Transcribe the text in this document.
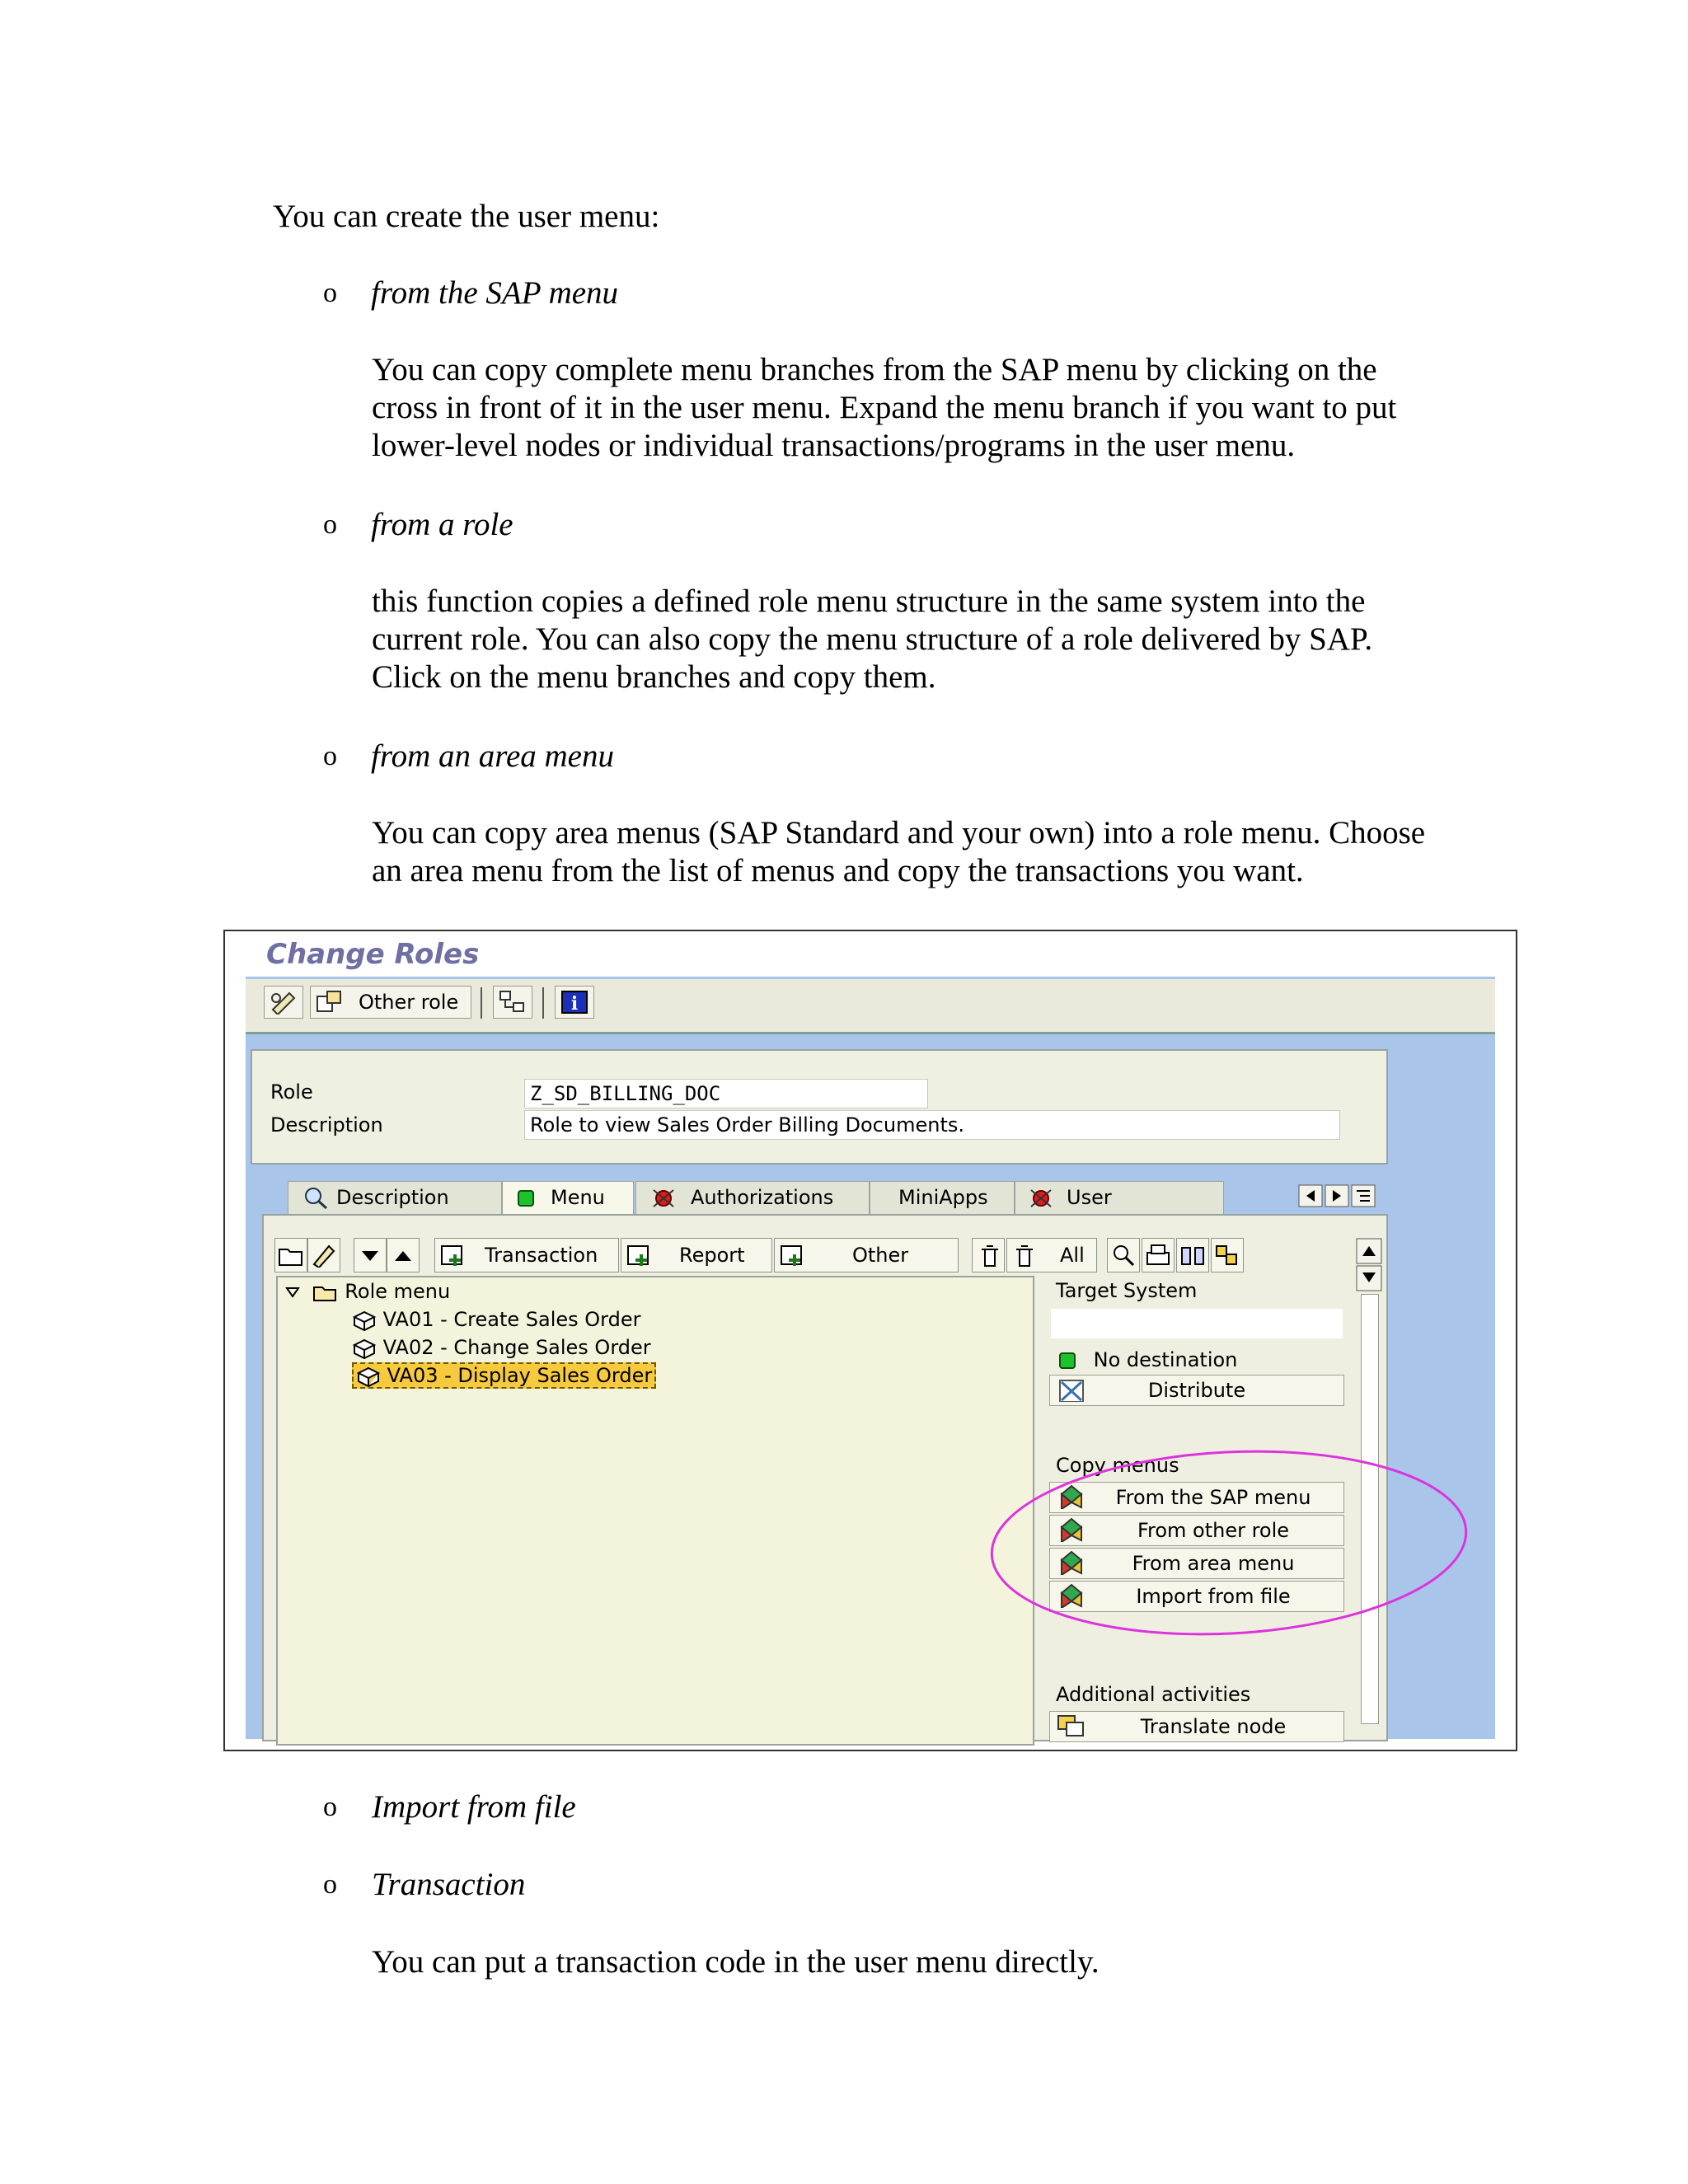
You can create the user menu:
o from the SAP menu
You can copy complete menu branches from the SAP menu by clicking on the
cross in front of it in the user menu. Expand the menu branch if you want to put
lower-level nodes or individual transactions/programs in the user menu.
o from a role
this function copies a defined role menu structure in the same system into the
current role. You can also copy the menu structure of a role delivered by SAP.
Click on the menu branches and copy them.
o from an area menu
You can copy area menus (SAP Standard and your own) into a role menu. Choose
an area menu from the list of menus and copy the transactions you want.
Change Roles
Other role	i
Role	Z_SD_BILLING_DOC
Description	Role to view Sales Order Billing Documents.
Description	Menu	Authorizations	MiniApps	User
Transaction	Report	Other	All
Role menu
VA01 - Create Sales Order
VA02 - Change Sales Order
VA03 - Display Sales Order
Target System
No destination
Distribute
Copy menus
From the SAP menu
From other role
From area menu
Import from file
Additional activities
Translate node
o Import from file
o Transaction
You can put a transaction code in the user menu directly.
